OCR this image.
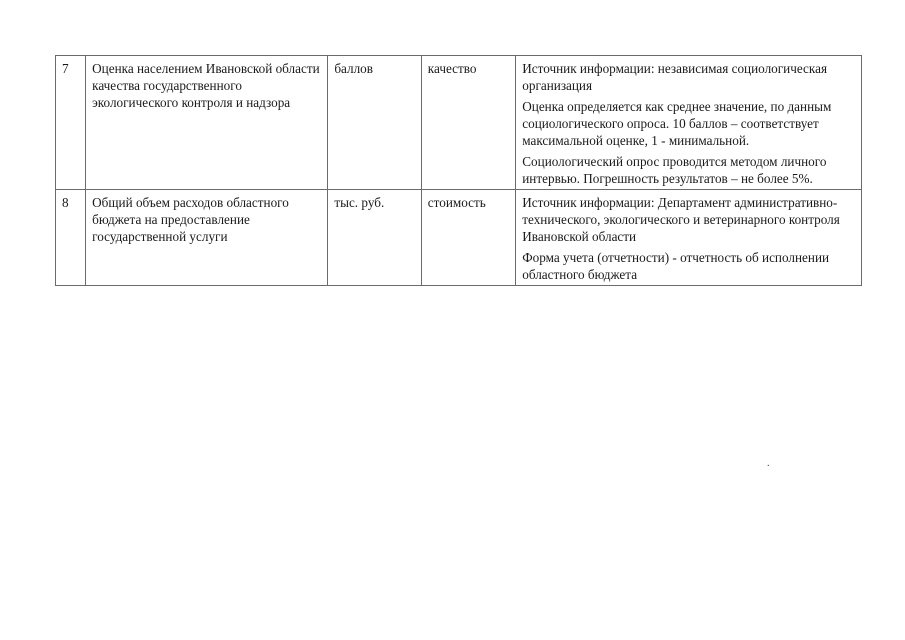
7	Оценка населением Ивановской области качества государственного экологического контроля и надзора	баллов	качество	Источник информации: независимая социологическая организация
Оценка определяется как среднее значение, по данным социологического опроса. 10 баллов – соответствует максимальной оценке, 1 - минимальной.
Социологический опрос проводится методом личного интервью. Погрешность результатов – не более 5%.

8	Общий объем расходов областного бюджета на предоставление государственной услуги	тыс. руб.	стоимость	Источник информации: Департамент административно-технического, экологического и ветеринарного контроля Ивановской области
Форма учета (отчетности) - отчетность об исполнении областного бюджета
.
